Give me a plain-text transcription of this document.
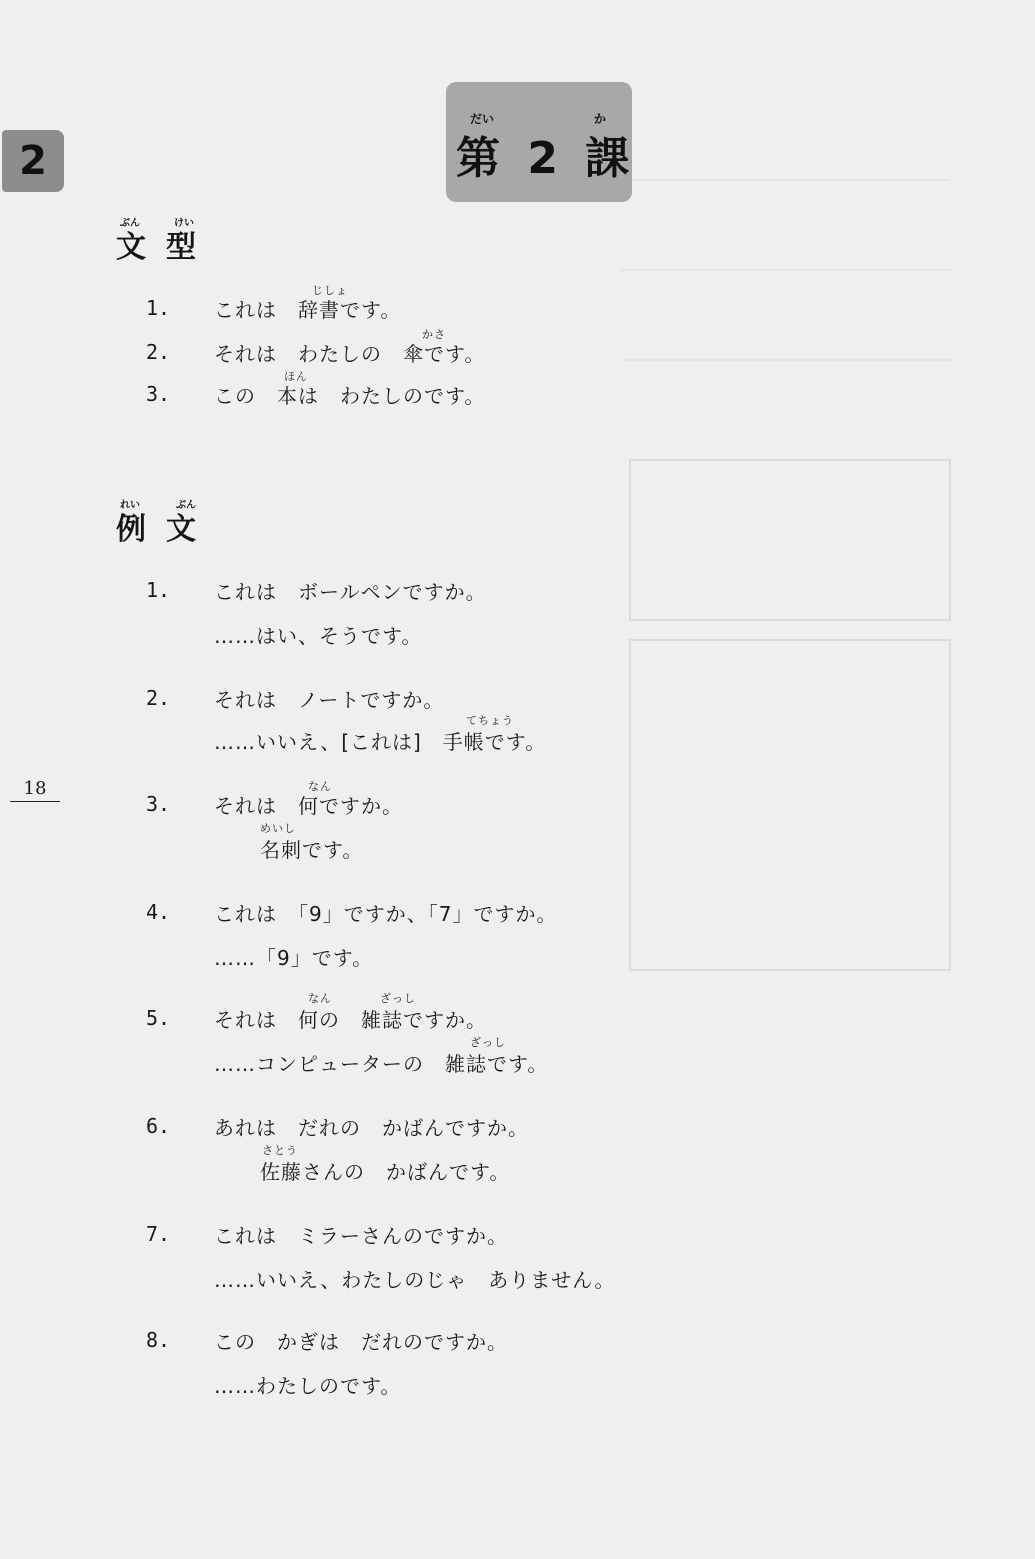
2
だい	か
第 2 課
ぶん	けい
文型
じしょ
1. これは　辞書です。
かさ
2. それは　わたしの　傘です。
ほん
3. この　本は　わたしのです。
れい	ぶん
例文
1. これは　ボールペンですか。
……はい、そうです。
2. それは　ノートですか。
てちょう
……いいえ、[これは]　手帳です。
なん
3. それは　何ですか。
めいし
名刺です。
4. これは　「9」ですか、「7」ですか。
……「9」です。
なん	ざっし
5. それは　何の　雑誌ですか。
ざっし
……コンピューターの　雑誌です。
6. あれは　だれの　かばんですか。
さとう
佐藤さんの　かばんです。
7. これは　ミラーさんのですか。
……いいえ、わたしのじゃ　ありません。
8. この　かぎは　だれのですか。
……わたしのです。
18
